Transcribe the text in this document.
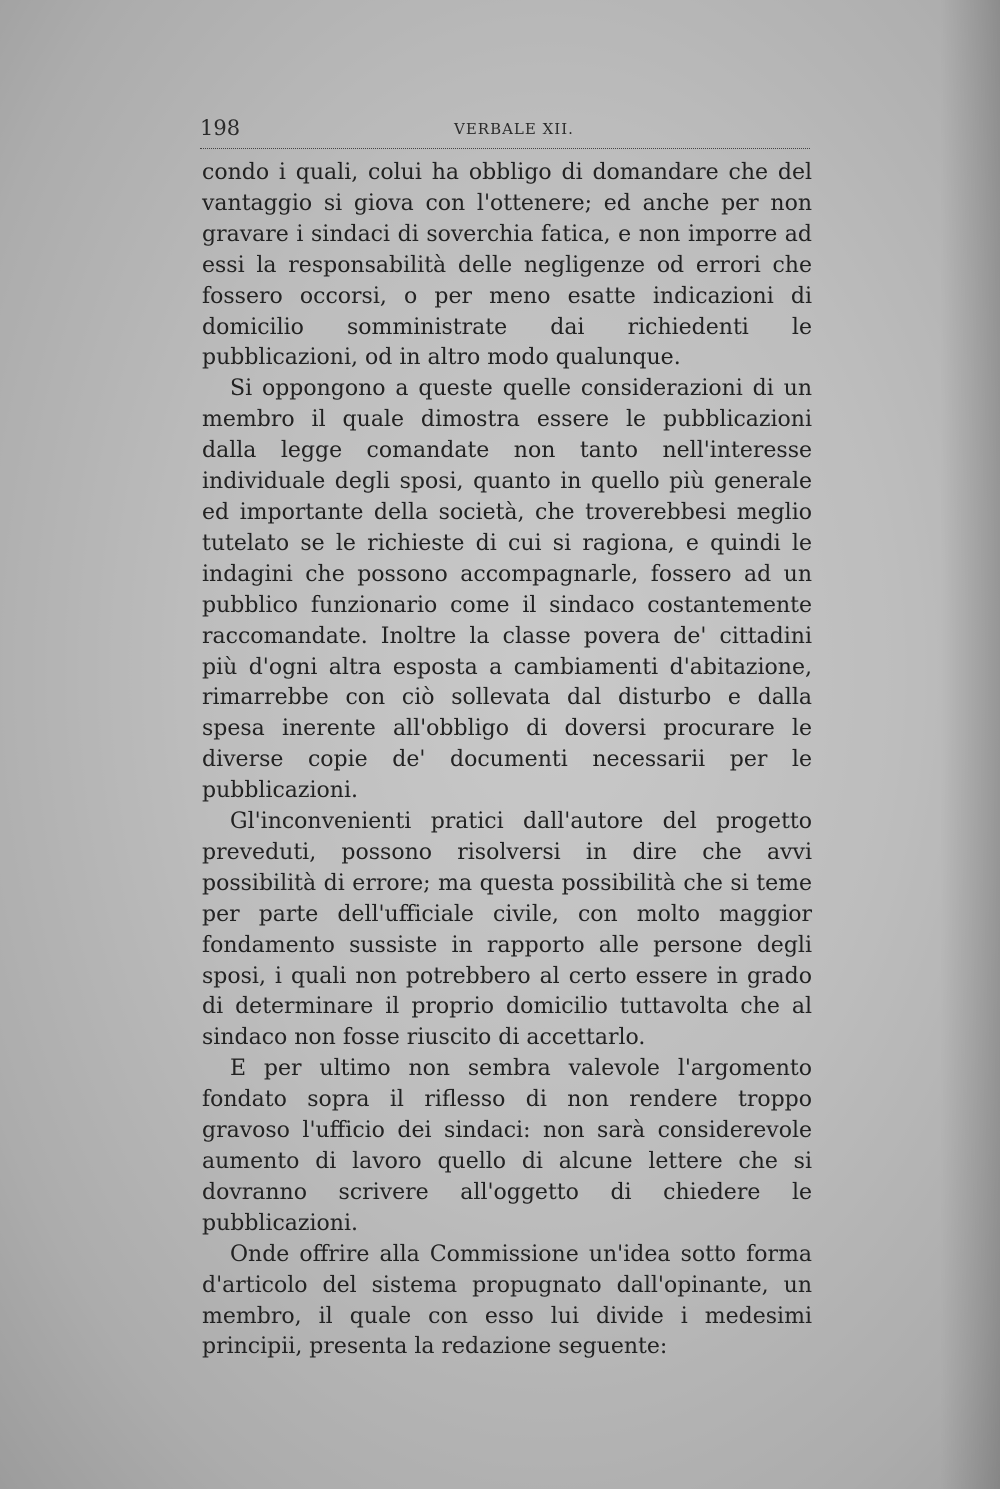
198	VERBALE XII.

condo i quali, colui ha obbligo di domandare che del vantaggio si giova con l'ottenere; ed anche per non gravare i sindaci di soverchia fatica, e non imporre ad essi la responsabilità delle negligenze od errori che fossero occorsi, o per meno esatte indicazioni di domicilio somministrate dai richiedenti le pubblicazioni, od in altro modo qualunque.

Si oppongono a queste quelle considerazioni di un membro il quale dimostra essere le pubblicazioni dalla legge comandate non tanto nell'interesse individuale degli sposi, quanto in quello più generale ed importante della società, che troverebbesi meglio tutelato se le richieste di cui si ragiona, e quindi le indagini che possono accompagnarle, fossero ad un pubblico funzionario come il sindaco costantemente raccomandate. Inoltre la classe povera de' cittadini più d'ogni altra esposta a cambiamenti d'abitazione, rimarrebbe con ciò sollevata dal disturbo e dalla spesa inerente all'obbligo di doversi procurare le diverse copie de' documenti necessarii per le pubblicazioni.

Gl'inconvenienti pratici dall'autore del progetto preveduti, possono risolversi in dire che avvi possibilità di errore; ma questa possibilità che si teme per parte dell'ufficiale civile, con molto maggior fondamento sussiste in rapporto alle persone degli sposi, i quali non potrebbero al certo essere in grado di determinare il proprio domicilio tuttavolta che al sindaco non fosse riuscito di accettarlo.

E per ultimo non sembra valevole l'argomento fondato sopra il riflesso di non rendere troppo gravoso l'ufficio dei sindaci: non sarà considerevole aumento di lavoro quello di alcune lettere che si dovranno scrivere all'oggetto di chiedere le pubblicazioni.

Onde offrire alla Commissione un'idea sotto forma d'articolo del sistema propugnato dall'opinante, un membro, il quale con esso lui divide i medesimi principii, presenta la redazione seguente:
